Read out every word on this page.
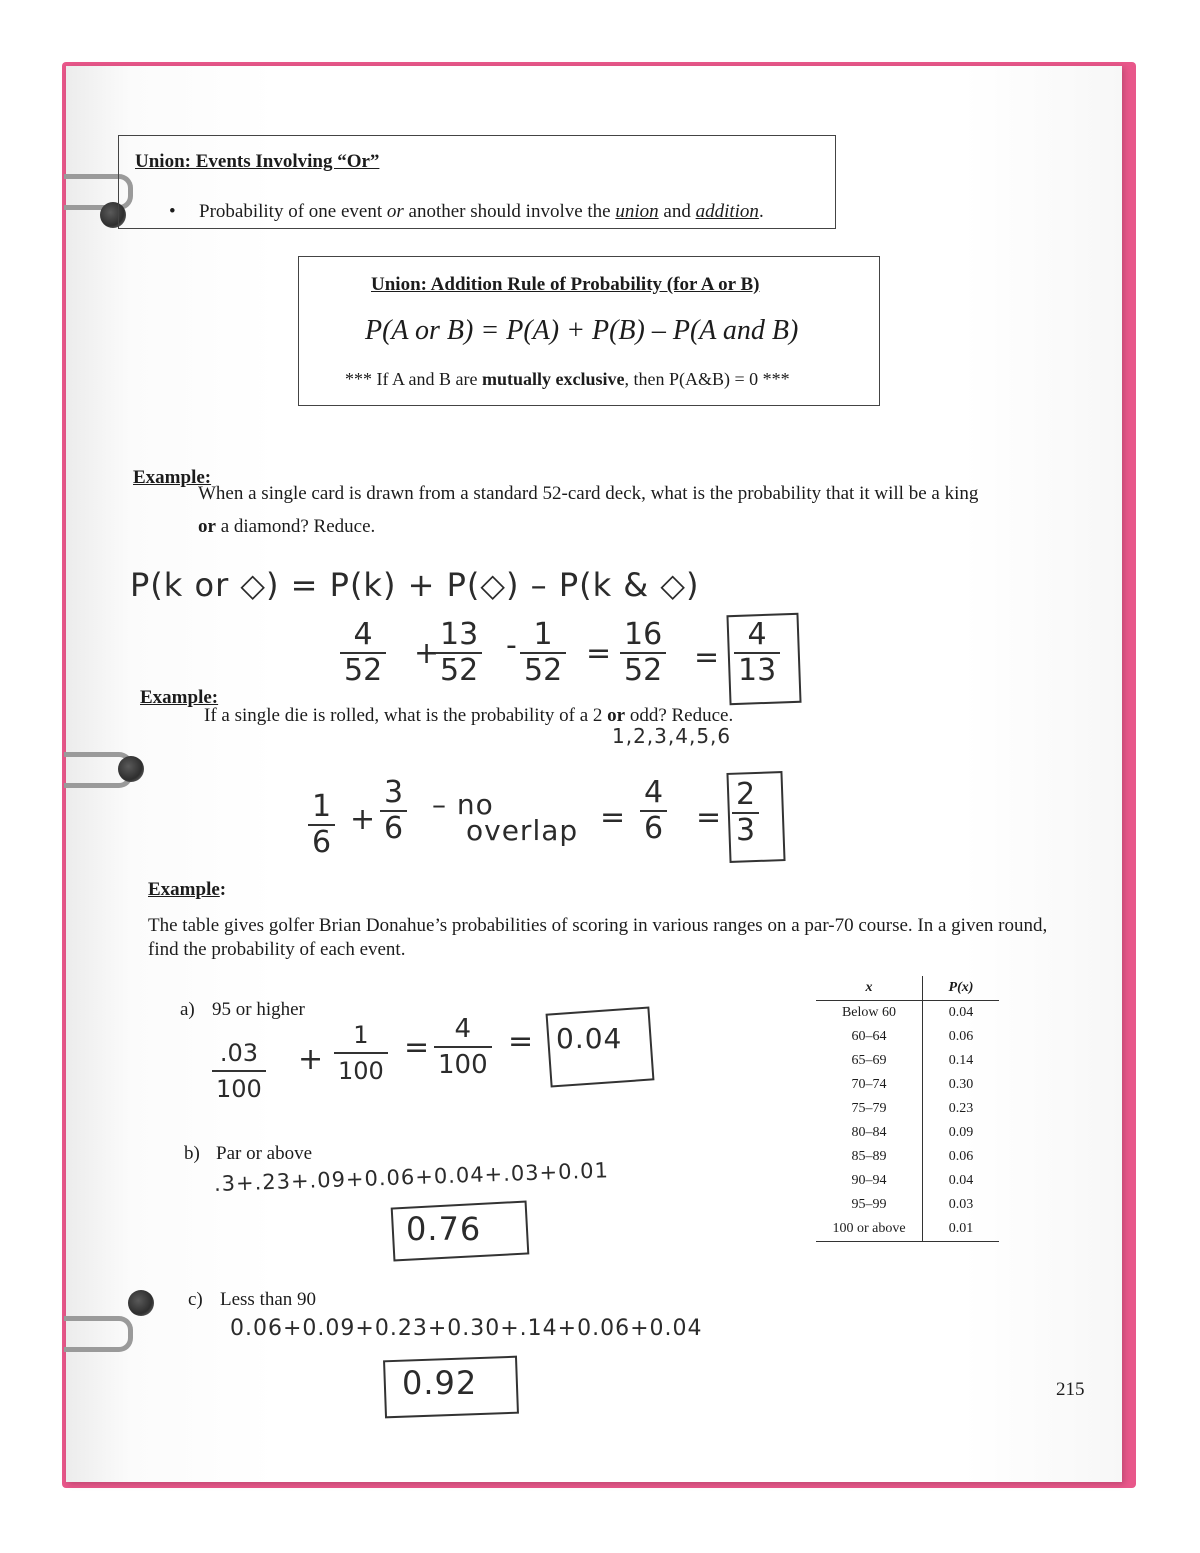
Union: Events Involving “Or”
• Probability of one event or another should involve the union and addition.
Union: Addition Rule of Probability (for A or B)
P(A or B) = P(A) + P(B) – P(A and B)
*** If A and B are mutually exclusive, then P(A&B) = 0 ***
Example:
When a single card is drawn from a standard 52-card deck, what is the probability that it will be a king
or a diamond? Reduce.
P(k or ◇) = P(k) + P(◇) – P(k & ◇)
$\frac{4}{52}$ +
$\frac{13}{52} - \frac{1}{52} = \frac{16}{52} = \frac{4}{13}$
Example:
If a single die is rolled, what is the probability of a 2 or odd? Reduce.
1,2,3,4,5,6
$\frac{1}{6} + \frac{3}{6}$ – no
overlap = $\frac{4}{6} = \frac{2}{3}$
Example:
The table gives golfer Brian Donahue’s probabilities of scoring in various ranges on a par-70 course. In a given round, find the probability of each event.
x	P(x)
Below 60	0.04
60–64	0.06
65–69	0.14
70–74	0.30
75–79	0.23
80–84	0.09
85–89	0.06
90–94	0.04
95–99	0.03
100 or above	0.01
a) 95 or higher
$\frac{.03}{100} + \frac{1}{100} = \frac{4}{100} = 0.04$
b) Par or above
.3+.23+.09+0.06+0.04+.03+0.01
0.76
c) Less than 90
0.06+0.09+0.23+0.30+.14+0.06+0.04
0.92	215
